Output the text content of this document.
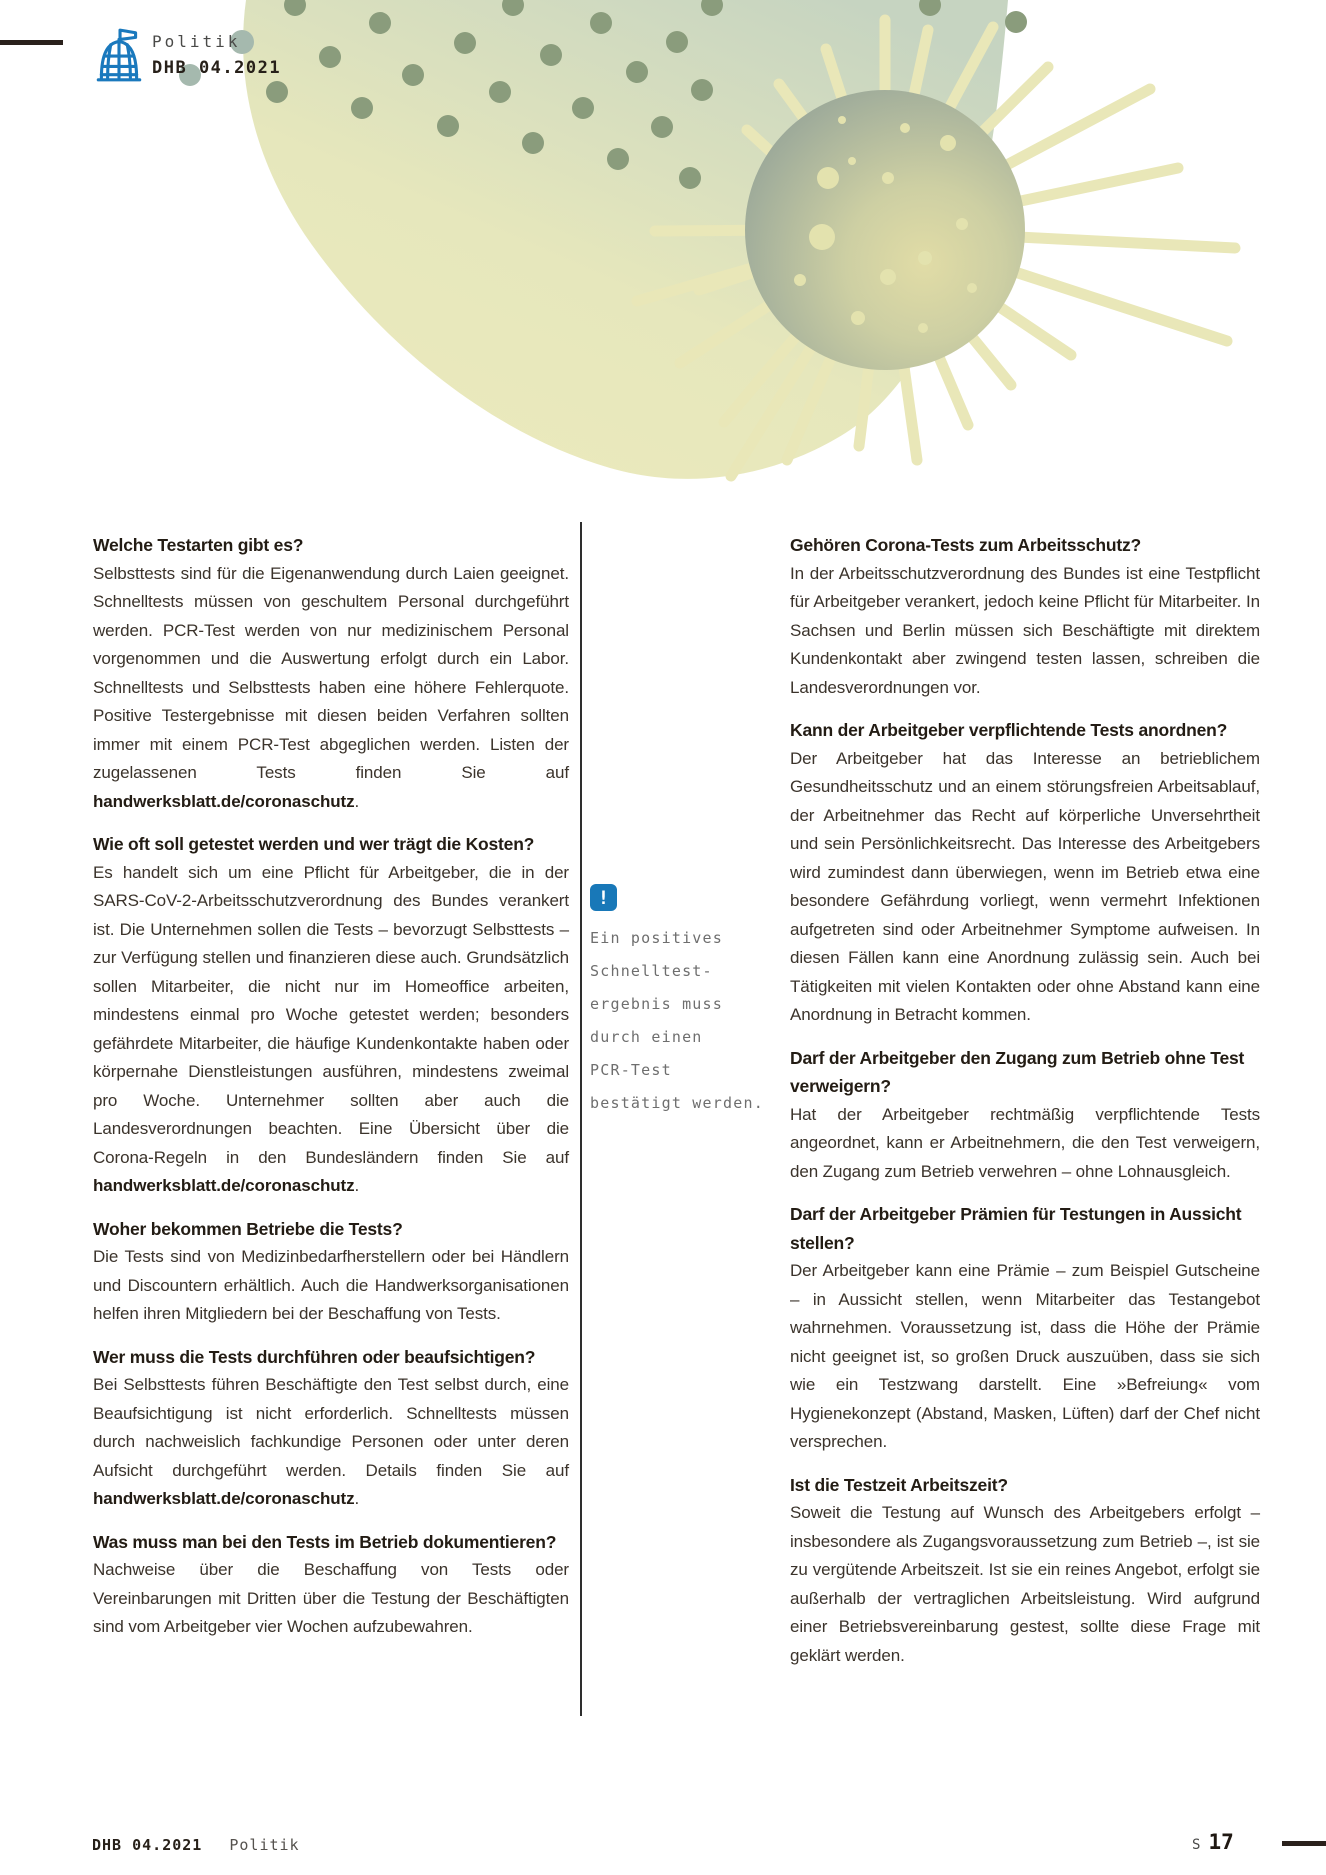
Politik
DHB 04.2021
Welche Testarten gibt es?

Selbsttests sind für die Eigenanwendung durch Laien geeignet. Schnelltests müssen von geschultem Personal durchgeführt werden. PCR-Test werden von nur medizinischem Personal vorgenommen und die Auswertung erfolgt durch ein Labor. Schnelltests und Selbsttests haben eine höhere Fehlerquote. Positive Testergebnisse mit diesen beiden Verfahren sollten immer mit einem PCR-Test abgeglichen werden. Listen der zugelassenen Tests finden Sie auf handwerksblatt.de/coronaschutz.

Wie oft soll getestet werden und wer trägt die Kosten?

Es handelt sich um eine Pflicht für Arbeitgeber, die in der SARS-CoV-2-Arbeitsschutzverordnung des Bundes verankert ist. Die Unternehmen sollen die Tests – bevorzugt Selbsttests – zur Verfügung stellen und finanzieren diese auch. Grundsätzlich sollen Mitarbeiter, die nicht nur im Homeoffice arbeiten, mindestens einmal pro Woche getestet werden; besonders gefährdete Mitarbeiter, die häufige Kundenkontakte haben oder körpernahe Dienstleistungen ausführen, mindestens zweimal pro Woche. Unternehmer sollten aber auch die Landesverordnungen beachten. Eine Übersicht über die Corona-Regeln in den Bundesländern finden Sie auf handwerksblatt.de/coronaschutz.

Woher bekommen Betriebe die Tests?

Die Tests sind von Medizinbedarfherstellern oder bei Händlern und Discountern erhältlich. Auch die Handwerksorganisationen helfen ihren Mitgliedern bei der Beschaffung von Tests.

Wer muss die Tests durchführen oder beaufsichtigen?

Bei Selbsttests führen Beschäftigte den Test selbst durch, eine Beaufsichtigung ist nicht erforderlich. Schnelltests müssen durch nachweislich fachkundige Personen oder unter deren Aufsicht durchgeführt werden. Details finden Sie auf handwerksblatt.de/coronaschutz.

Was muss man bei den Tests im Betrieb dokumentieren?

Nachweise über die Beschaffung von Tests oder Vereinbarungen mit Dritten über die Testung der Beschäftigten sind vom Arbeitgeber vier Wochen aufzubewahren.

!
Ein positives
Schnelltest-
ergebnis muss
durch einen
PCR-Test
bestätigt werden.
Gehören Corona-Tests zum Arbeitsschutz?

In der Arbeitsschutzverordnung des Bundes ist eine Testpflicht für Arbeitgeber verankert, jedoch keine Pflicht für Mitarbeiter. In Sachsen und Berlin müssen sich Beschäftigte mit direktem Kundenkontakt aber zwingend testen lassen, schreiben die Landesverordnungen vor.

Kann der Arbeitgeber verpflichtende Tests anordnen?

Der Arbeitgeber hat das Interesse an betrieblichem Gesundheitsschutz und an einem störungsfreien Arbeitsablauf, der Arbeitnehmer das Recht auf körperliche Unversehrtheit und sein Persönlichkeitsrecht. Das Interesse des Arbeitgebers wird zumindest dann überwiegen, wenn im Betrieb etwa eine besondere Gefährdung vorliegt, wenn vermehrt Infektionen aufgetreten sind oder Arbeitnehmer Symptome aufweisen. In diesen Fällen kann eine Anordnung zulässig sein. Auch bei Tätigkeiten mit vielen Kontakten oder ohne Abstand kann eine Anordnung in Betracht kommen.

Darf der Arbeitgeber den Zugang zum Betrieb ohne Test verweigern?

Hat der Arbeitgeber rechtmäßig verpflichtende Tests angeordnet, kann er Arbeitnehmern, die den Test verweigern, den Zugang zum Betrieb verwehren – ohne Lohnausgleich.

Darf der Arbeitgeber Prämien für Testungen in Aussicht stellen?

Der Arbeitgeber kann eine Prämie – zum Beispiel Gutscheine – in Aussicht stellen, wenn Mitarbeiter das Testangebot wahrnehmen. Voraussetzung ist, dass die Höhe der Prämie nicht geeignet ist, so großen Druck auszuüben, dass sie sich wie ein Testzwang darstellt. Eine »Befreiung« vom Hygienekonzept (Abstand, Masken, Lüften) darf der Chef nicht versprechen.

Ist die Testzeit Arbeitszeit?

Soweit die Testung auf Wunsch des Arbeitgebers erfolgt – insbesondere als Zugangsvoraussetzung zum Betrieb –, ist sie zu vergütende Arbeitszeit. Ist sie ein reines Angebot, erfolgt sie außerhalb der vertraglichen Arbeitsleistung. Wird aufgrund einer Betriebsvereinbarung gestest, sollte diese Frage mit geklärt werden.

DHB 04.2021 Politik	S 17
